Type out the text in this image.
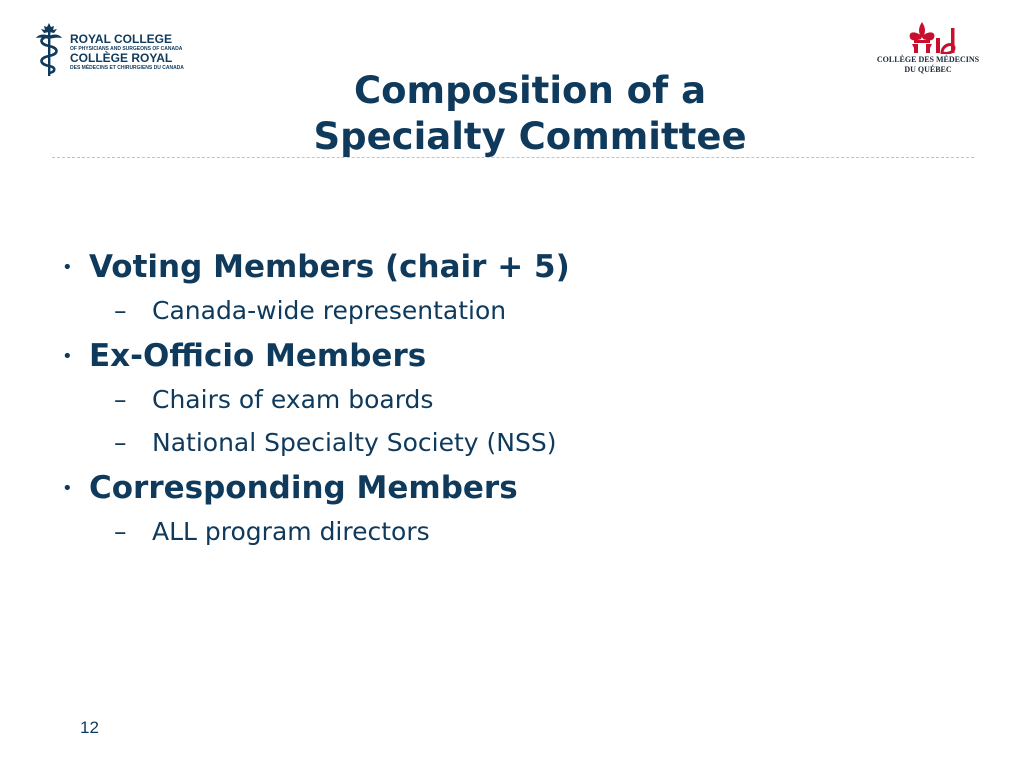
ROYAL COLLEGE
OF PHYSICIANS AND SURGEONS OF CANADA
COLLÈGE ROYAL
DES MÉDECINS ET CHIRURGIENS DU CANADA
COLLÈGE DES MÉDECINS
DU QUÉBEC
Composition of a
Specialty Committee
• Voting Members (chair + 5)
– Canada-wide representation
• Ex-Officio Members
– Chairs of exam boards
– National Specialty Society (NSS)
• Corresponding Members
– ALL program directors
12
